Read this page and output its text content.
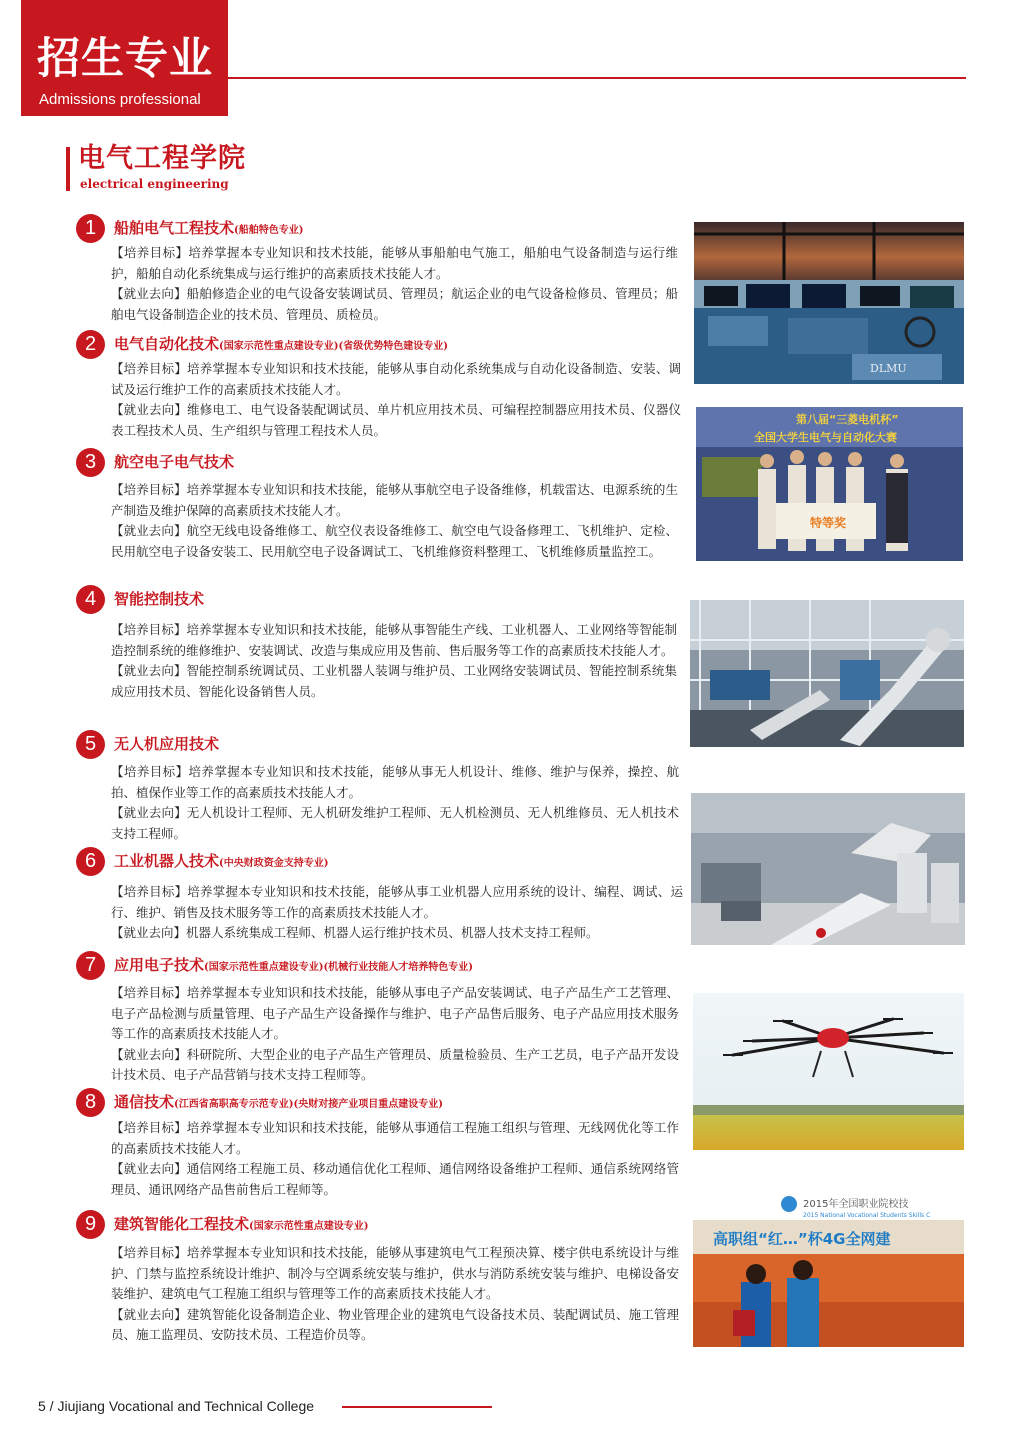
招生专业
Admissions professional
电气工程学院
electrical engineering
1	船舶电气工程技术(船舶特色专业)

【培养目标】培养掌握本专业知识和技术技能，能够从事船舶电气施工，船舶电气设备制造与运行维护，船舶自动化系统集成与运行维护的高素质技术技能人才。

【就业去向】船舶修造企业的电气设备安装调试员、管理员；航运企业的电气设备检修员、管理员；船舶电气设备制造企业的技术员、管理员、质检员。

2	电气自动化技术(国家示范性重点建设专业)(省级优势特色建设专业)

【培养目标】培养掌握本专业知识和技术技能，能够从事自动化系统集成与自动化设备制造、安装、调试及运行维护工作的高素质技术技能人才。

【就业去向】维修电工、电气设备装配调试员、单片机应用技术员、可编程控制器应用技术员、仪器仪表工程技术人员、生产组织与管理工程技术人员。

3	航空电子电气技术

【培养目标】培养掌握本专业知识和技术技能，能够从事航空电子设备维修，机载雷达、电源系统的生产制造及维护保障的高素质技术技能人才。

【就业去向】航空无线电设备维修工、航空仪表设备维修工、航空电气设备修理工、飞机维护、定检、民用航空电子设备安装工、民用航空电子设备调试工、飞机维修资料整理工、飞机维修质量监控工。

4	智能控制技术

【培养目标】培养掌握本专业知识和技术技能，能够从事智能生产线、工业机器人、工业网络等智能制造控制系统的维修维护、安装调试、改造与集成应用及售前、售后服务等工作的高素质技术技能人才。

【就业去向】智能控制系统调试员、工业机器人装调与维护员、工业网络安装调试员、智能控制系统集成应用技术员、智能化设备销售人员。

5	无人机应用技术

【培养目标】培养掌握本专业知识和技术技能，能够从事无人机设计、维修、维护与保养，操控、航拍、植保作业等工作的高素质技术技能人才。

【就业去向】无人机设计工程师、无人机研发维护工程师、无人机检测员、无人机维修员、无人机技术支持工程师。

6	工业机器人技术(中央财政资金支持专业)

【培养目标】培养掌握本专业知识和技术技能，能够从事工业机器人应用系统的设计、编程、调试、运行、维护、销售及技术服务等工作的高素质技术技能人才。

【就业去向】机器人系统集成工程师、机器人运行维护技术员、机器人技术支持工程师。

7	应用电子技术(国家示范性重点建设专业)(机械行业技能人才培养特色专业)

【培养目标】培养掌握本专业知识和技术技能，能够从事电子产品安装调试、电子产品生产工艺管理、电子产品检测与质量管理、电子产品生产设备操作与维护、电子产品售后服务、电子产品应用技术服务等工作的高素质技术技能人才。

【就业去向】科研院所、大型企业的电子产品生产管理员、质量检验员、生产工艺员，电子产品开发设计技术员、电子产品营销与技术支持工程师等。

8	通信技术(江西省高职高专示范专业)(央财对接产业项目重点建设专业)

【培养目标】培养掌握本专业知识和技术技能，能够从事通信工程施工组织与管理、无线网优化等工作的高素质技术技能人才。

【就业去向】通信网络工程施工员、移动通信优化工程师、通信网络设备维护工程师、通信系统网络管理员、通讯网络产品售前售后工程师等。

9	建筑智能化工程技术(国家示范性重点建设专业)

【培养目标】培养掌握本专业知识和技术技能，能够从事建筑电气工程预决算、楼宇供电系统设计与维护、门禁与监控系统设计维护、制冷与空调系统安装与维护，供水与消防系统安装与维护、电梯设备安装维护、建筑电气工程施工组织与管理等工作的高素质技术技能人才。

【就业去向】建筑智能化设备制造企业、物业管理企业的建筑电气设备技术员、装配调试员、施工管理员、施工监理员、安防技术员、工程造价员等。

DLMU
第八届“三菱电机杯”
全国大学生电气与自动化大赛
特等奖
2015年全国职业院校技
2015 National Vocational Students Skills C
高职组“红…”杯4G全网建
5 / Jiujiang Vocational and Technical College
